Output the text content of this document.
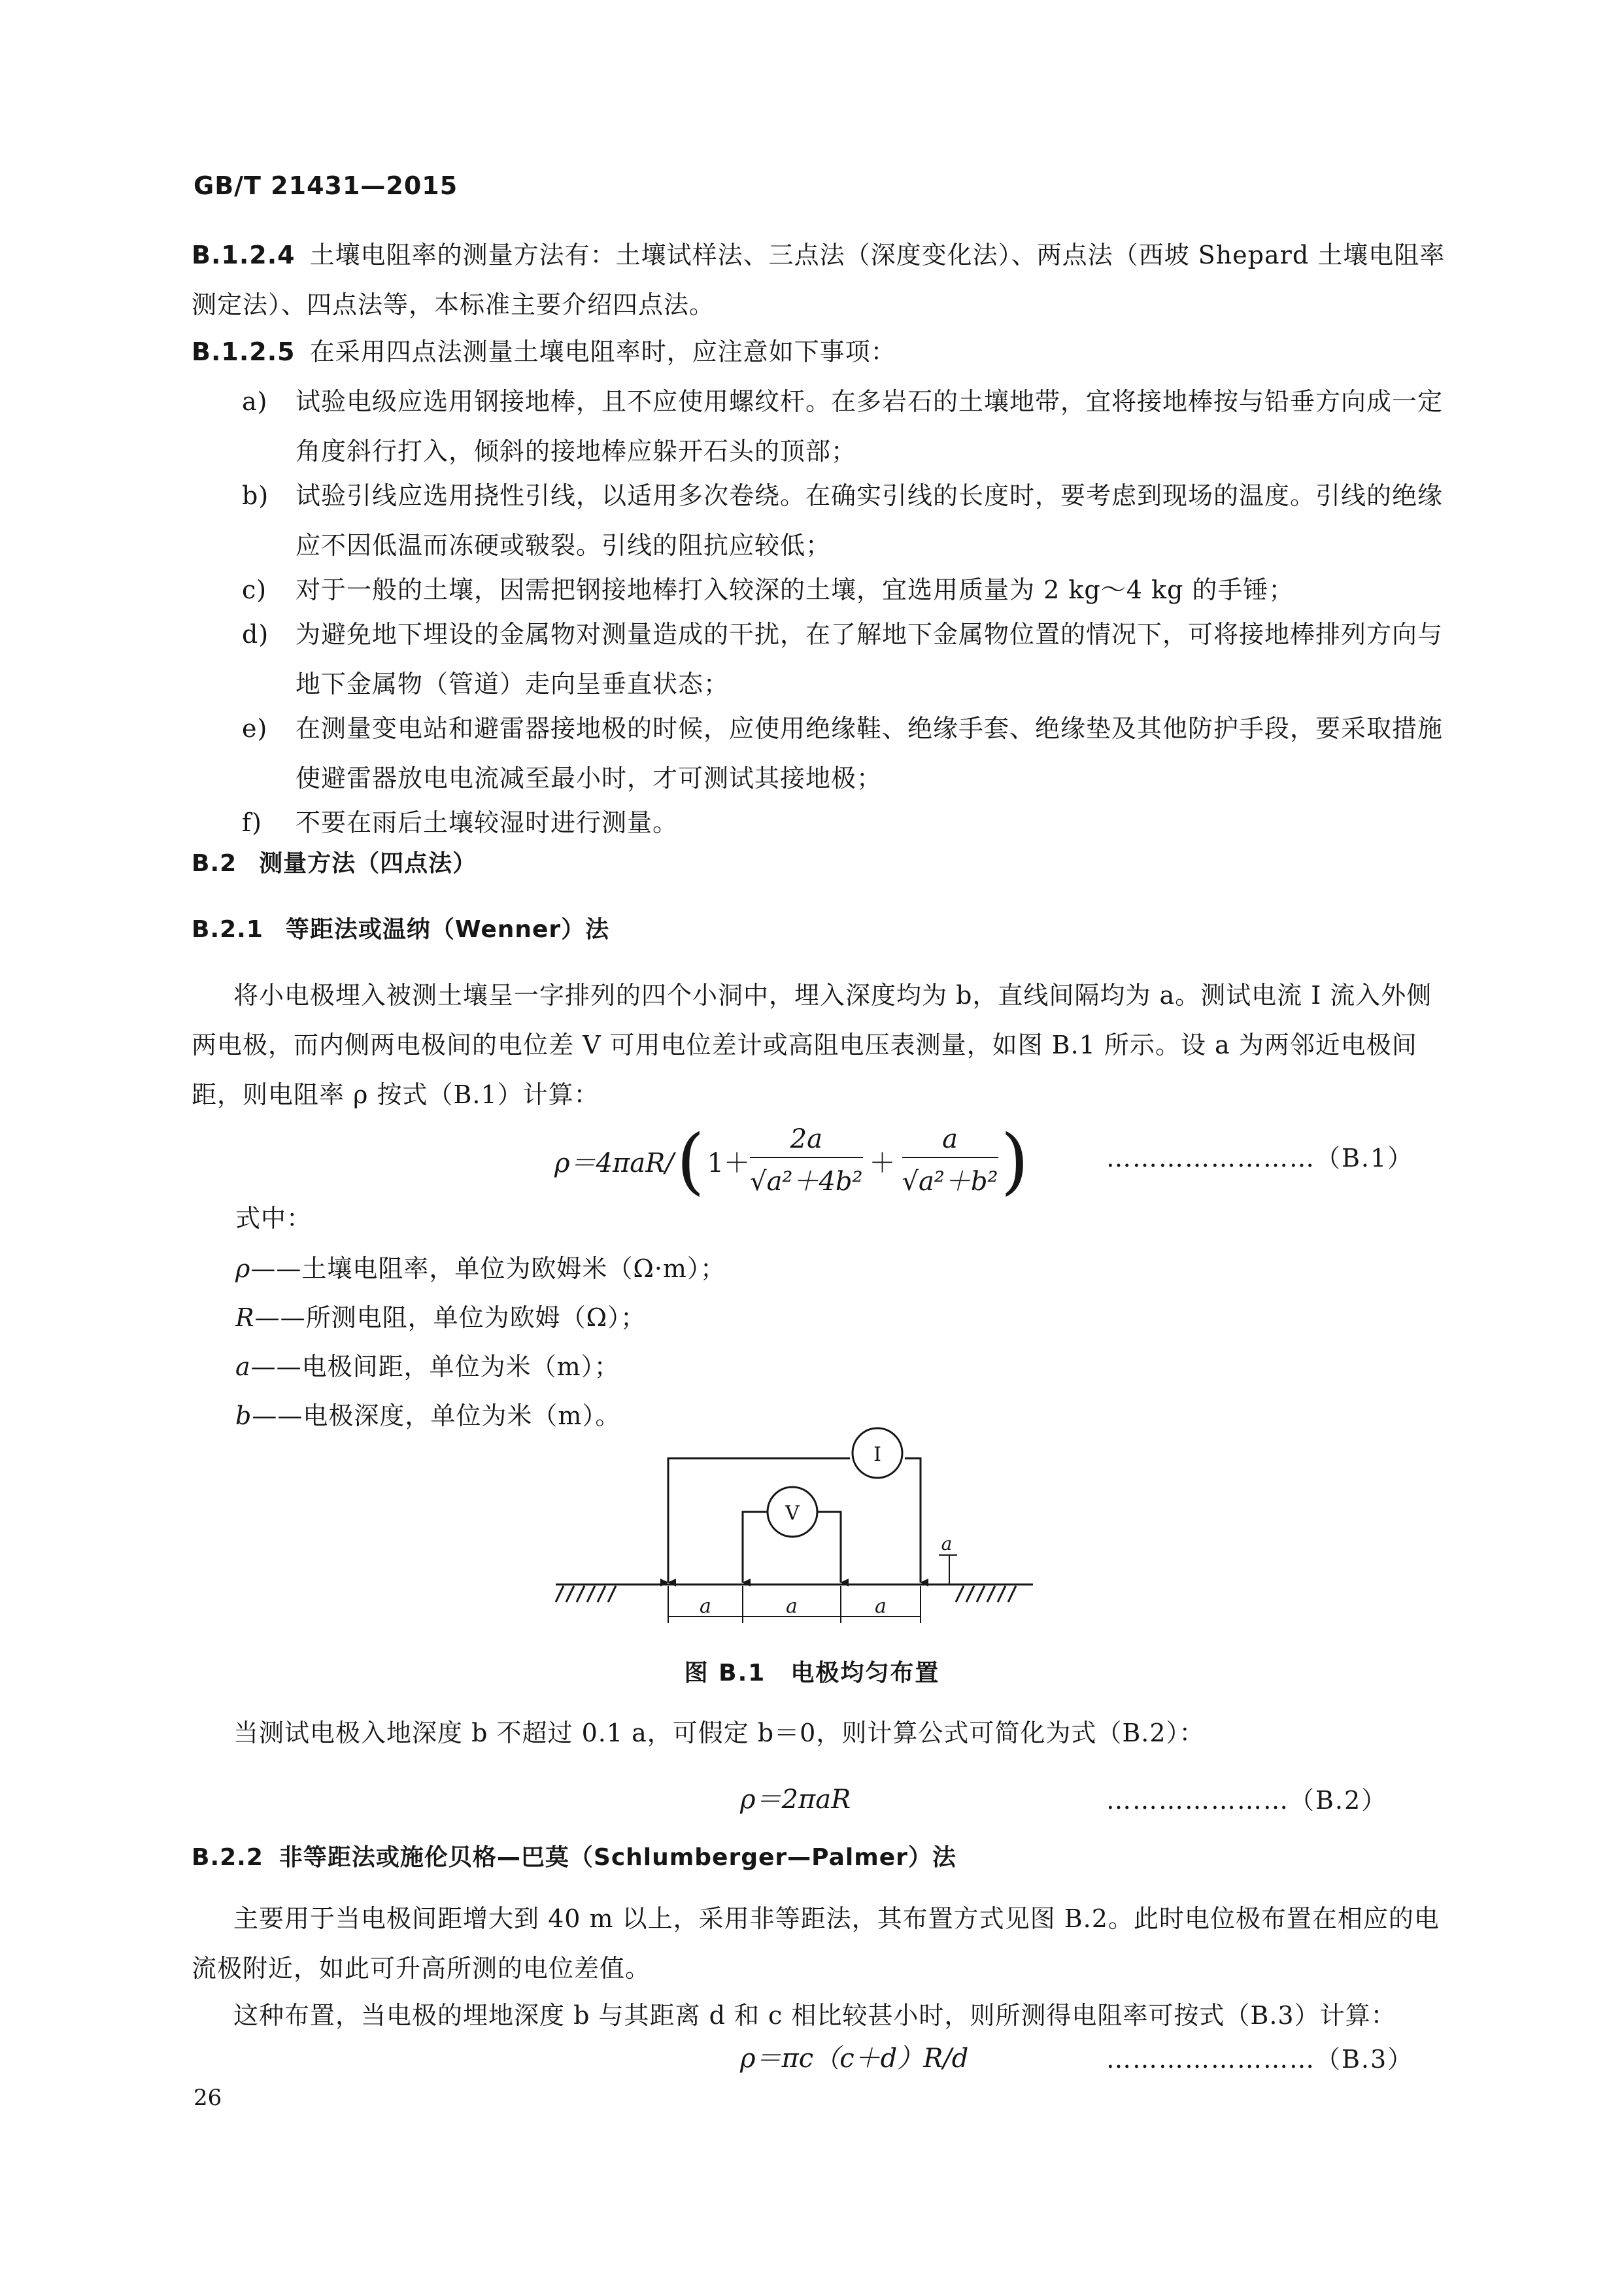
GB/T 21431—2015
B.1.2.4 土壤电阻率的测量方法有：土壤试样法、三点法（深度变化法）、两点法（西坡 Shepard 土壤电阻率测定法）、四点法等，本标准主要介绍四点法。
B.1.2.5 在采用四点法测量土壤电阻率时，应注意如下事项：
a) 试验电级应选用钢接地棒，且不应使用螺纹杆。在多岩石的土壤地带，宜将接地棒按与铅垂方向成一定角度斜行打入，倾斜的接地棒应躲开石头的顶部；
b) 试验引线应选用挠性引线，以适用多次卷绕。在确实引线的长度时，要考虑到现场的温度。引线的绝缘应不因低温而冻硬或皲裂。引线的阻抗应较低；
c) 对于一般的土壤，因需把钢接地棒打入较深的土壤，宜选用质量为 2 kg～4 kg 的手锤；
d) 为避免地下埋设的金属物对测量造成的干扰，在了解地下金属物位置的情况下，可将接地棒排列方向与地下金属物（管道）走向呈垂直状态；
e) 在测量变电站和避雷器接地极的时候，应使用绝缘鞋、绝缘手套、绝缘垫及其他防护手段，要采取措施使避雷器放电电流减至最小时，才可测试其接地极；
f) 不要在雨后土壤较湿时进行测量。
B.2 测量方法（四点法）
B.2.1 等距法或温纳（Wenner）法
将小电极埋入被测土壤呈一字排列的四个小洞中，埋入深度均为 b，直线间隔均为 a。测试电流 I 流入外侧两电极，而内侧两电极间的电位差 V 可用电位差计或高阻电压表测量，如图 B.1 所示。设 a 为两邻近电极间距，则电阻率 ρ 按式（B.1）计算：
ρ＝4πaR/ ( $1+ \frac{2a}{\text{√a²＋4b²}} + \frac{a}{\text{√a²＋b²}}$ )	……………………（B.1）
式中：
ρ——土壤电阻率，单位为欧姆米（Ω·m）；
R——所测电阻，单位为欧姆（Ω）；
a——电极间距，单位为米（m）；
b——电极深度，单位为米（m）。
I
V
a	a	a
a
图 B.1　电极均匀布置
当测试电极入地深度 b 不超过 0.1 a，可假定 b＝0，则计算公式可简化为式（B.2）：
ρ＝2πaR	…………………（B.2）
B.2.2 非等距法或施伦贝格—巴莫（Schlumberger—Palmer）法
主要用于当电极间距增大到 40 m 以上，采用非等距法，其布置方式见图 B.2。此时电位极布置在相应的电流极附近，如此可升高所测的电位差值。
这种布置，当电极的埋地深度 b 与其距离 d 和 c 相比较甚小时，则所测得电阻率可按式（B.3）计算：
ρ＝πc（c＋d）R/d	……………………（B.3）
26
